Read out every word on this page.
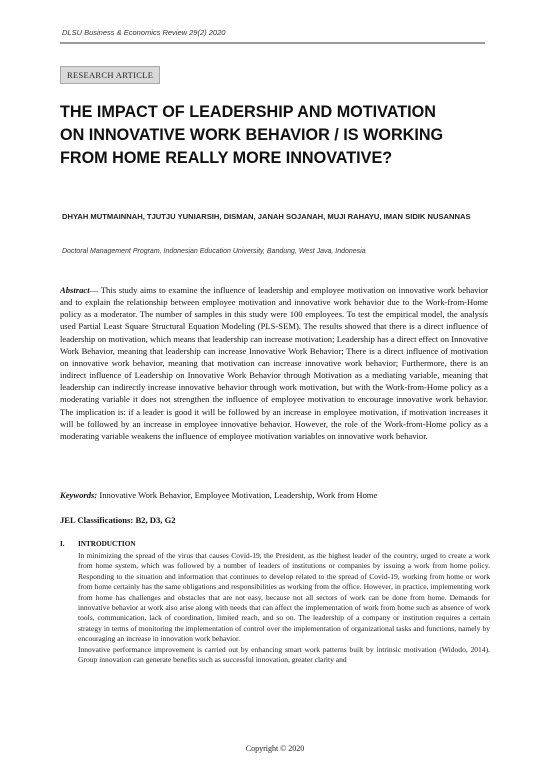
DLSU Business & Economics Review 29(2) 2020
RESEARCH ARTICLE
THE IMPACT OF LEADERSHIP AND MOTIVATION
ON INNOVATIVE WORK BEHAVIOR / IS WORKING
FROM HOME REALLY MORE INNOVATIVE?
DHYAH MUTMAINNAH, TJUTJU YUNIARSIH, DISMAN, JANAH SOJANAH, MUJI RAHAYU, IMAN SIDIK NUSANNAS
Doctoral Management Program, Indonesian Education University, Bandung, West Java, Indonesia
Abstract— This study aims to examine the influence of leadership and employee motivation on innovative work behavior and to explain the relationship between employee motivation and innovative work behavior due to the Work-from-Home policy as a moderator. The number of samples in this study were 100 employees. To test the empirical model, the analysis used Partial Least Square Structural Equation Modeling (PLS-SEM). The results showed that there is a direct influence of leadership on motivation, which means that leadership can increase motivation; Leadership has a direct effect on Innovative Work Behavior, meaning that leadership can increase Innovative Work Behavior; There is a direct influence of motivation on innovative work behavior, meaning that motivation can increase innovative work behavior; Furthermore, there is an indirect influence of Leadership on Innovative Work Behavior through Motivation as a mediating variable, meaning that leadership can indirectly increase innovative behavior through work motivation, but with the Work-from-Home policy as a moderating variable it does not strengthen the influence of employee motivation to encourage innovative work behavior. The implication is: if a leader is good it will be followed by an increase in employee motivation, if motivation increases it will be followed by an increase in employee innovative behavior. However, the role of the Work-from-Home policy as a moderating variable weakens the influence of employee motivation variables on innovative work behavior.
Keywords: Innovative Work Behavior, Employee Motivation, Leadership, Work from Home
JEL Classifications: B2, D3, G2
I. INTRODUCTION

In minimizing the spread of the virus that causes Covid-19, the President, as the highest leader of the country, urged to create a work from home system, which was followed by a number of leaders of institutions or companies by issuing a work from home policy. Responding to the situation and information that continues to develop related to the spread of Covid-19, working from home or work from home certainly has the same obligations and responsibilities as working from the office. However, in practice, implementing work from home has challenges and obstacles that are not easy, because not all sectors of work can be done from home. Demands for innovative behavior at work also arise along with needs that can affect the implementation of work from home such as absence of work tools, communication, lack of coordination, limited reach, and so on. The leadership of a company or institution requires a certain strategy in terms of monitoring the implementation of control over the implementation of organizational tasks and functions, namely by encouraging an increase in innovation work behavior.

Innovative performance improvement is carried out by enhancing smart work patterns built by intrinsic motivation (Widodo, 2014). Group innovation can generate benefits such as successful innovation, greater clarity and

Copyright © 2020
